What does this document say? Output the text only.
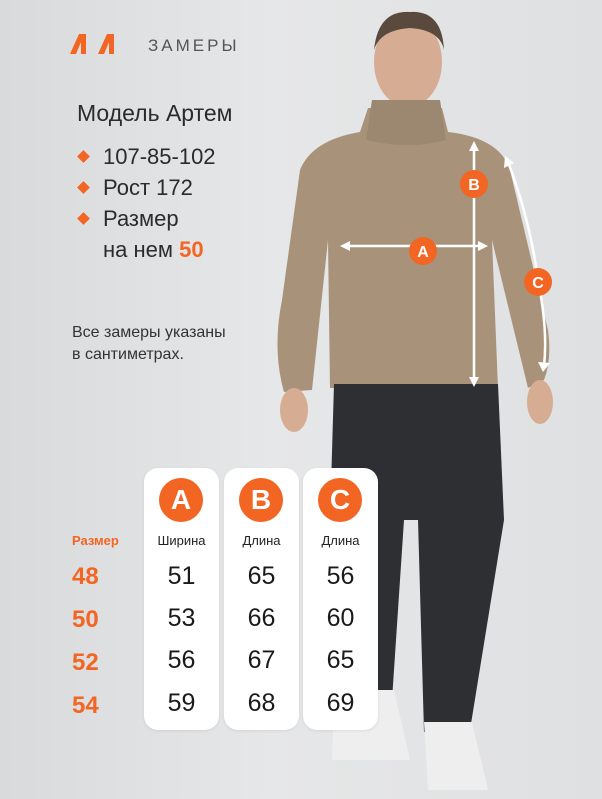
ЗАМЕРЫ
Модель Артем
107-85-102
Рост 172
Размер
на нем 50
Все замеры указаны
в сантиметрах.
B
A
C
Размер
48
50
52
54
A
Ширина
51
53
56
59
B
Длина
65
66
67
68
C
Длина
56
60
65
69
